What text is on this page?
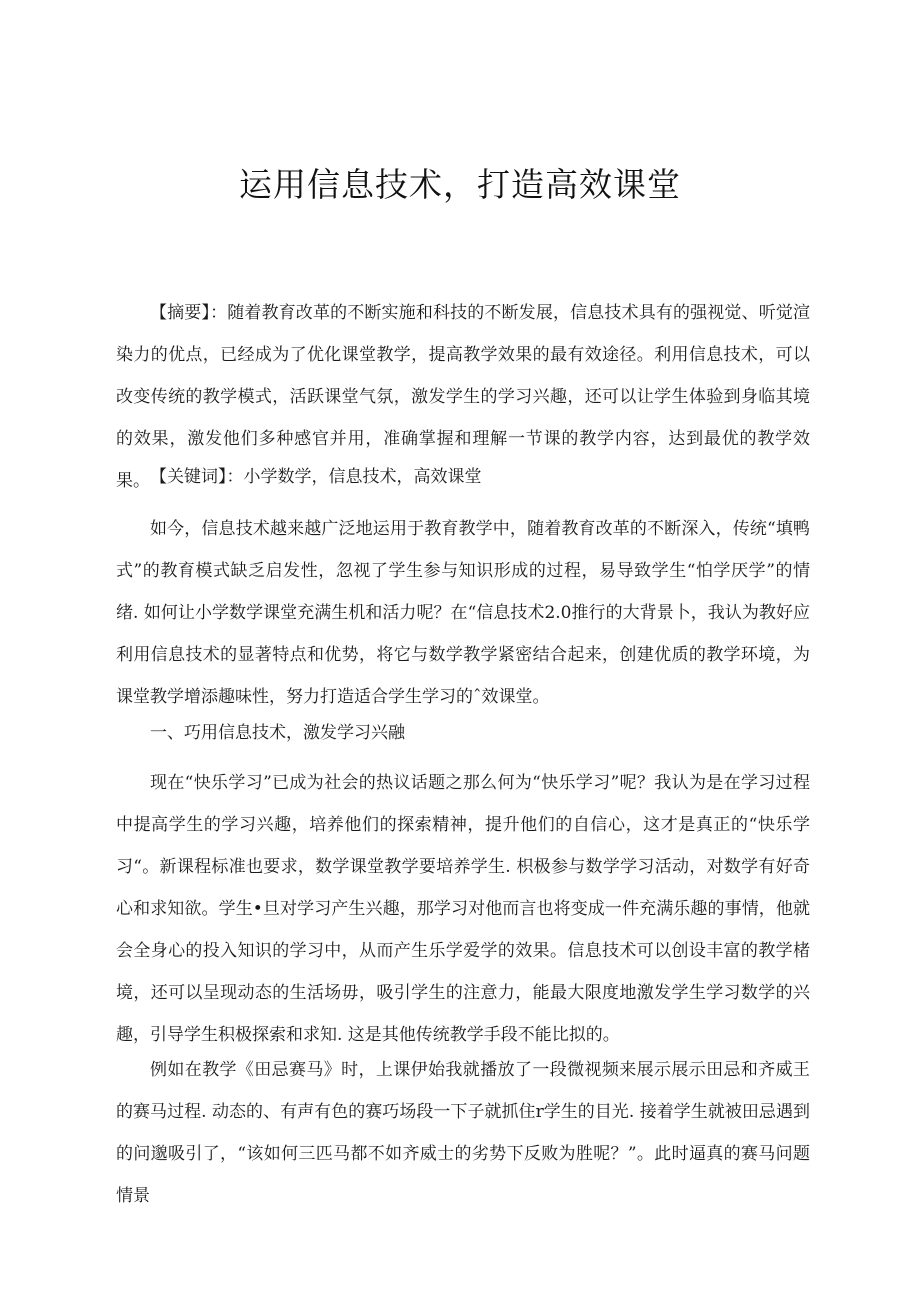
运用信息技术，打造高效课堂

【摘要】：随着教育改革的不断实施和科技的不断发展，信息技术具有的强视觉、听觉渲染力的优点，已经成为了优化课堂教学，提高教学效果的最有效途径。利用信息技术，可以改变传统的教学模式，活跃课堂气氛，激发学生的学习兴趣，还可以让学生体验到身临其境的效果，激发他们多种感官并用，准确掌握和理解一节课的教学内容，达到最优的教学效果。 【关键词】：小学数学，信息技术，高效课堂

如今，信息技术越来越广泛地运用于教育教学中，随着教育改革的不断深入，传统“填鸭式”的教育模式缺乏启发性，忽视了学生参与知识形成的过程，易导致学生“怕学厌学”的情绪. 如何让小学数学课堂充满生机和活力呢？在“信息技术2.0推行的大背景卜，我认为教好应利用信息技术的显著特点和优势，将它与数学教学紧密结合起来，创建优质的教学环境，为课堂教学增添趣味性，努力打造适合学生学习的ˆ效课堂。

一、巧用信息技术，激发学习兴融

现在“快乐学习”已成为社会的热议话题之那么何为“快乐学习”呢？我认为是在学习过程中提高学生的学习兴趣，培养他们的探索精神，提升他们的自信心，这才是真正的“快乐学习“。新课程标准也要求，数学课堂教学要培养学生. 枳极参与数学学习活动，对数学有好奇心和求知欲。学生•旦对学习产生兴趣，那学习对他而言也将变成一件充满乐趣的事情，他就会全身心的投入知识的学习中，从而产生乐学爱学的效果。信息技术可以创设丰富的教学楮境，还可以呈现动态的生活场毋，吸引学生的注意力，能最大限度地激发学生学习数学的兴趣，引导学生积极探索和求知. 这是其他传统教学手段不能比拟的。

例如在教学《田忌赛马》时，上课伊始我就播放了一段微视频来展示展示田忌和齐威王的赛马过程. 动态的、有声有色的赛巧场段一下子就抓住r学生的目光. 接着学生就被田忌遇到的问邈吸引了，“该如何三匹马都不如齐威士的劣势下反败为胜呢？”。此时逼真的赛马问题情景
